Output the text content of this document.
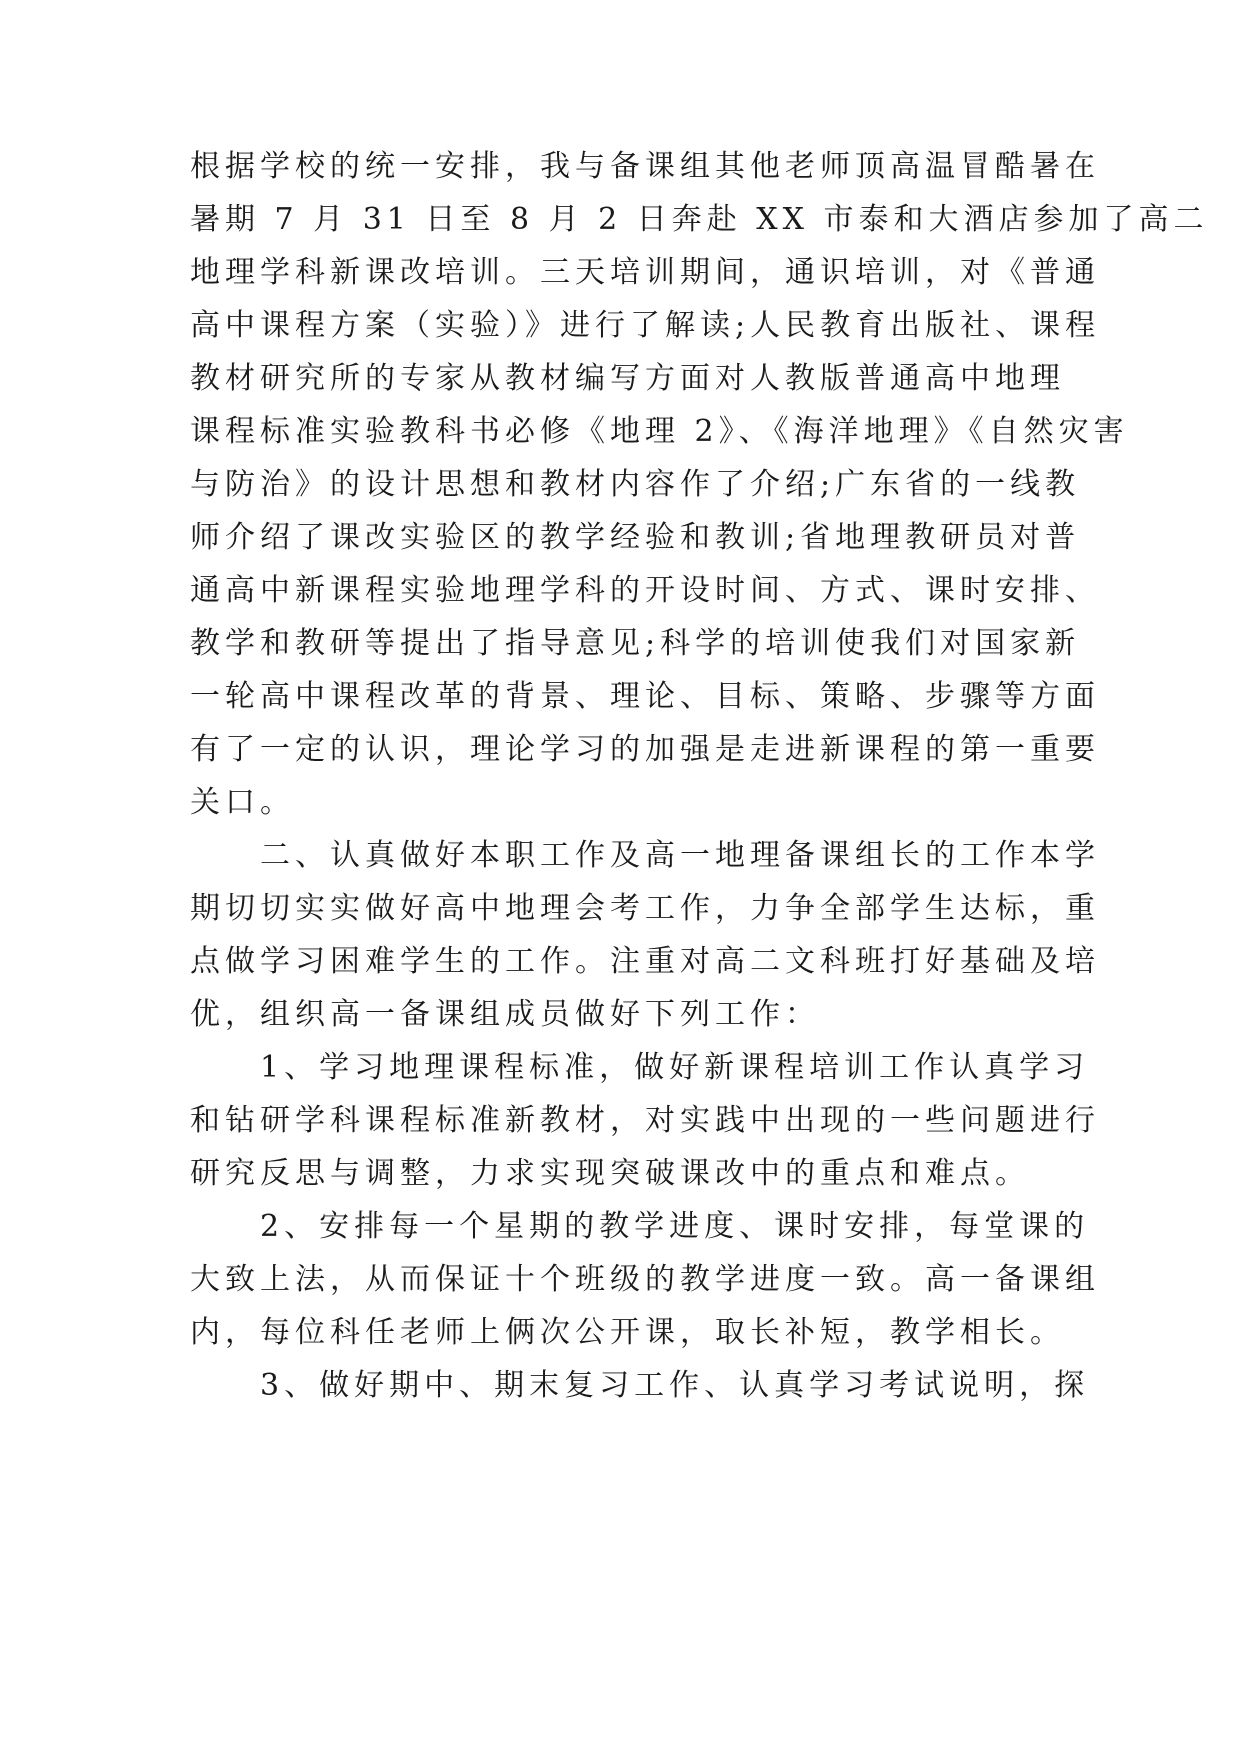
根据学校的统一安排，我与备课组其他老师顶高温冒酷暑在
暑期 7 月 31 日至 8 月 2 日奔赴 XX 市泰和大酒店参加了高二
地理学科新课改培训。三天培训期间，通识培训，对《普通
高中课程方案（实验）》进行了解读;人民教育出版社、课程
教材研究所的专家从教材编写方面对人教版普通高中地理
课程标准实验教科书必修《地理 2》、《海洋地理》《自然灾害
与防治》的设计思想和教材内容作了介绍;广东省的一线教
师介绍了课改实验区的教学经验和教训;省地理教研员对普
通高中新课程实验地理学科的开设时间、方式、课时安排、
教学和教研等提出了指导意见;科学的培训使我们对国家新
一轮高中课程改革的背景、理论、目标、策略、步骤等方面
有了一定的认识，理论学习的加强是走进新课程的第一重要
关口。
　　二、认真做好本职工作及高一地理备课组长的工作本学
期切切实实做好高中地理会考工作，力争全部学生达标，重
点做学习困难学生的工作。注重对高二文科班打好基础及培
优，组织高一备课组成员做好下列工作：
　　1、学习地理课程标准，做好新课程培训工作认真学习
和钻研学科课程标准新教材，对实践中出现的一些问题进行
研究反思与调整，力求实现突破课改中的重点和难点。
　　2、安排每一个星期的教学进度、课时安排，每堂课的
大致上法，从而保证十个班级的教学进度一致。高一备课组
内，每位科任老师上俩次公开课，取长补短，教学相长。
　　3、做好期中、期末复习工作、认真学习考试说明，探
